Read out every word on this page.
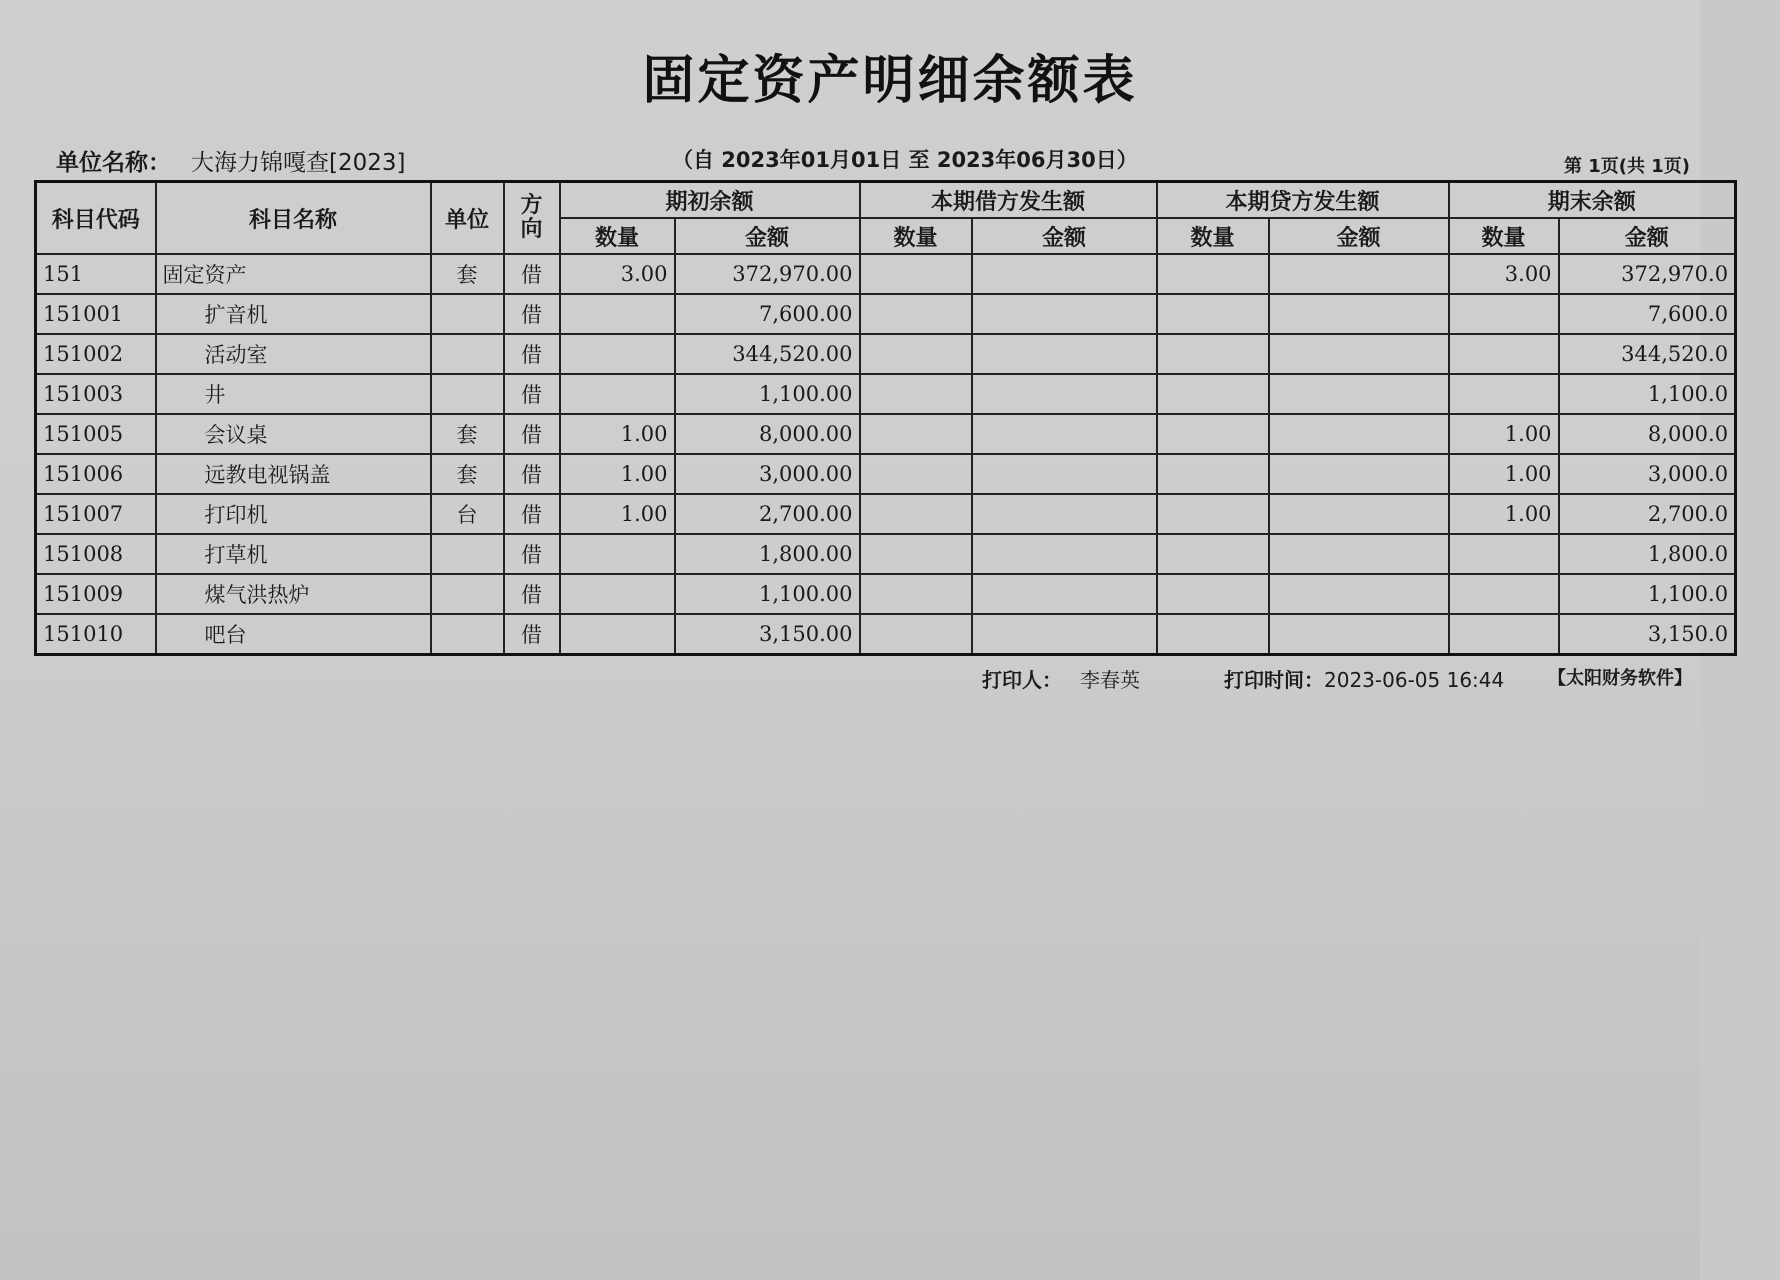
固定资产明细余额表
单位名称： 大海力锦嘎查[2023]	（自 2023年01月01日 至 2023年06月30日）	第 1页(共 1页)
科目代码	科目名称	单位	方向	期初余额		本期借方发生额		本期贷方发生额		期末余额	
				数量	金额	数量	金额	数量	金额	数量	金额
151	固定资产	套	借	3.00	372,970.00					3.00	372,970.0
151001	扩音机		借		7,600.00						7,600.0
151002	活动室		借		344,520.00						344,520.0
151003	井		借		1,100.00						1,100.0
151005	会议桌	套	借	1.00	8,000.00					1.00	8,000.0
151006	远教电视锅盖	套	借	1.00	3,000.00					1.00	3,000.0
151007	打印机	台	借	1.00	2,700.00					1.00	2,700.0
151008	打草机		借		1,800.00						1,800.0
151009	煤气洪热炉		借		1,100.00						1,100.0
151010	吧台		借		3,150.00						3,150.0
打印人： 李春英	打印时间：2023-06-05 16:44 【太阳财务软件】
